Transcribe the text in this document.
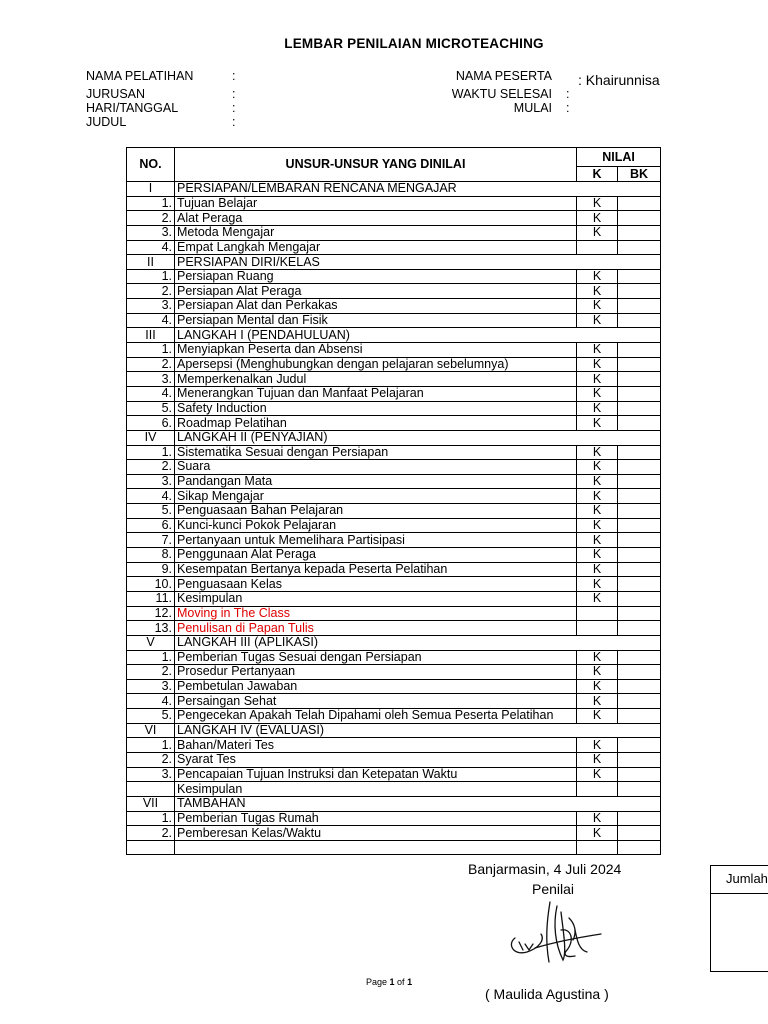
LEMBAR PENILAIAN MICROTEACHING
NAMA PELATIHAN	:
JURUSAN	:
HARI/TANGGAL	:
JUDUL	:
NAMA PESERTA
WAKTU SELESAI :
MULAI :
: Khairunnisa
NO.	UNSUR-UNSUR YANG DINILAI	NILAI	
		K	BK
I	PERSIAPAN/LEMBARAN RENCANA MENGAJAR		
1.	Tujuan Belajar	K	
2.	Alat Peraga	K	
3.	Metoda Mengajar	K	
4.	Empat Langkah Mengajar		
II	PERSIAPAN DIRI/KELAS		
1.	Persiapan Ruang	K	
2.	Persiapan Alat Peraga	K	
3.	Persiapan Alat dan Perkakas	K	
4.	Persiapan Mental dan Fisik	K	
III	LANGKAH I (PENDAHULUAN)		
1.	Menyiapkan Peserta dan Absensi	K	
2.	Apersepsi (Menghubungkan dengan pelajaran sebelumnya)	K	
3.	Memperkenalkan Judul	K	
4.	Menerangkan Tujuan dan Manfaat Pelajaran	K	
5.	Safety Induction	K	
6.	Roadmap Pelatihan	K	
IV	LANGKAH II (PENYAJIAN)		
1.	Sistematika Sesuai dengan Persiapan	K	
2.	Suara	K	
3.	Pandangan Mata	K	
4.	Sikap Mengajar	K	
5.	Penguasaan Bahan Pelajaran	K	
6.	Kunci-kunci Pokok Pelajaran	K	
7.	Pertanyaan untuk Memelihara Partisipasi	K	
8.	Penggunaan Alat Peraga	K	
9.	Kesempatan Bertanya kepada Peserta Pelatihan	K	
10.	Penguasaan Kelas	K	
11.	Kesimpulan	K	
12.	Moving in The Class		
13.	Penulisan di Papan Tulis		
V	LANGKAH III (APLIKASI)		
1.	Pemberian Tugas Sesuai dengan Persiapan	K	
2.	Prosedur Pertanyaan	K	
3.	Pembetulan Jawaban	K	
4.	Persaingan Sehat	K	
5.	Pengecekan Apakah Telah Dipahami oleh Semua Peserta Pelatihan	K	
VI	LANGKAH IV (EVALUASI)		
1.	Bahan/Materi Tes	K	
2.	Syarat Tes	K	
3.	Pencapaian Tujuan Instruksi dan Ketepatan Waktu	K	
	Kesimpulan		
VII	TAMBAHAN		
1.	Pemberian Tugas Rumah	K	
2.	Pemberesan Kelas/Waktu	K	

Banjarmasin, 4 Juli 2024
Penilai
( Maulida Agustina )
Jumlah
Page 1 of 1
